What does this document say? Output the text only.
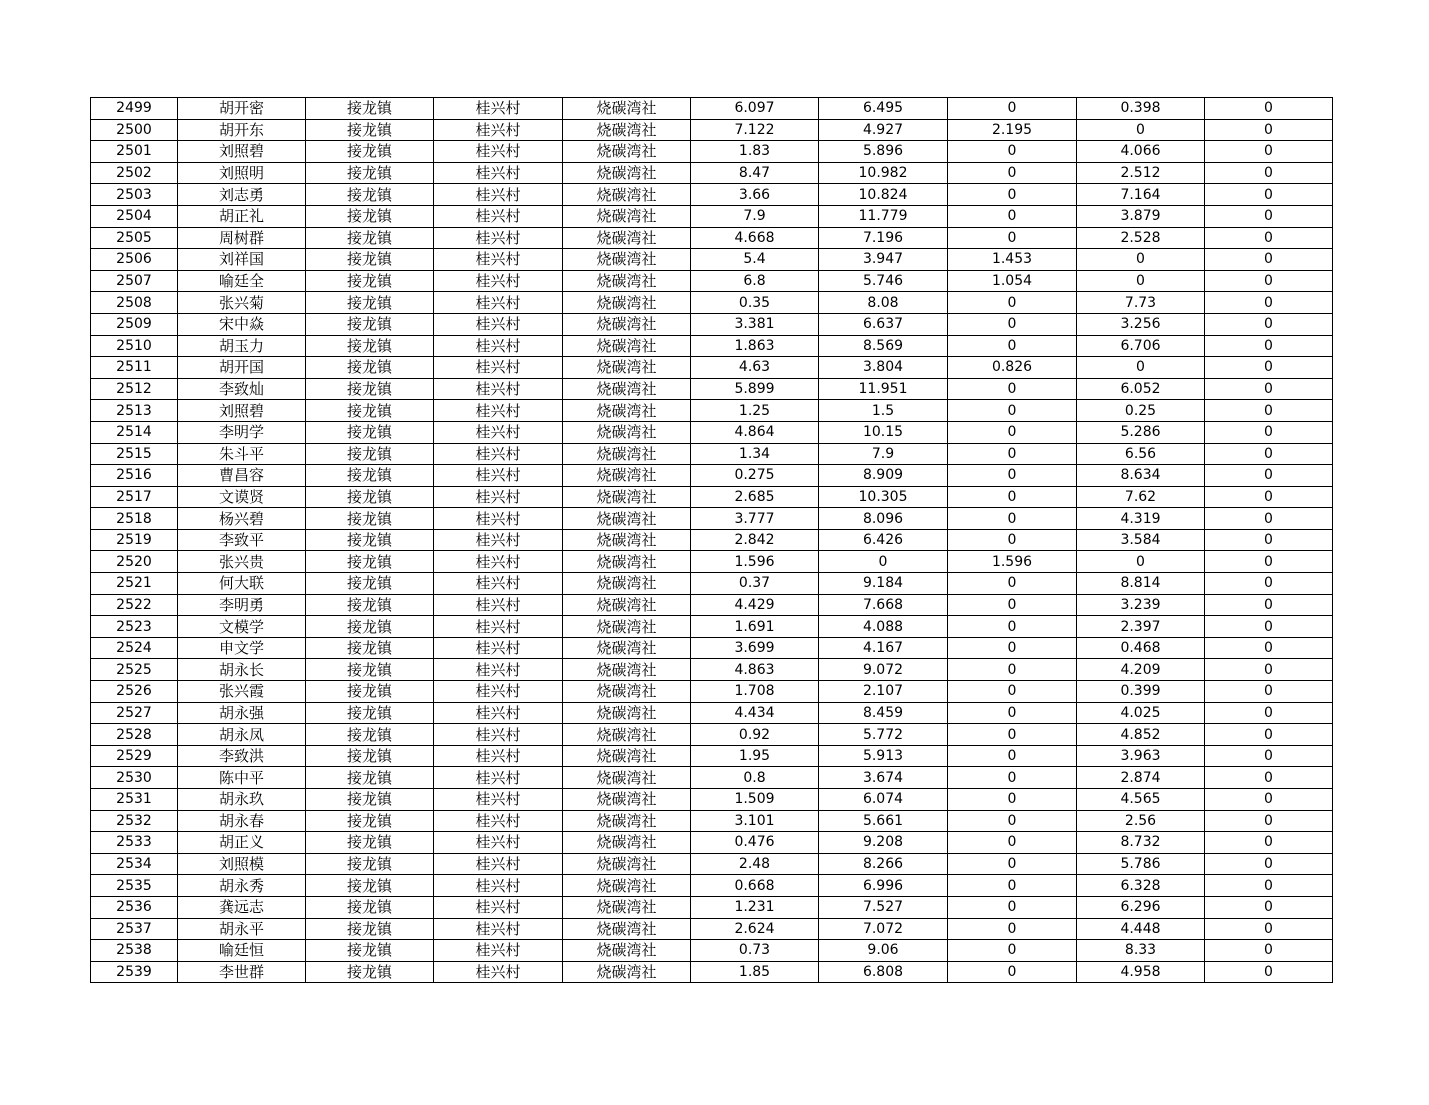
2499	胡开密	接龙镇	桂兴村	烧碳湾社	6.097	6.495	0	0.398	0
2500	胡开东	接龙镇	桂兴村	烧碳湾社	7.122	4.927	2.195	0	0
2501	刘照碧	接龙镇	桂兴村	烧碳湾社	1.83	5.896	0	4.066	0
2502	刘照明	接龙镇	桂兴村	烧碳湾社	8.47	10.982	0	2.512	0
2503	刘志勇	接龙镇	桂兴村	烧碳湾社	3.66	10.824	0	7.164	0
2504	胡正礼	接龙镇	桂兴村	烧碳湾社	7.9	11.779	0	3.879	0
2505	周树群	接龙镇	桂兴村	烧碳湾社	4.668	7.196	0	2.528	0
2506	刘祥国	接龙镇	桂兴村	烧碳湾社	5.4	3.947	1.453	0	0
2507	喻廷全	接龙镇	桂兴村	烧碳湾社	6.8	5.746	1.054	0	0
2508	张兴菊	接龙镇	桂兴村	烧碳湾社	0.35	8.08	0	7.73	0
2509	宋中焱	接龙镇	桂兴村	烧碳湾社	3.381	6.637	0	3.256	0
2510	胡玉力	接龙镇	桂兴村	烧碳湾社	1.863	8.569	0	6.706	0
2511	胡开国	接龙镇	桂兴村	烧碳湾社	4.63	3.804	0.826	0	0
2512	李致灿	接龙镇	桂兴村	烧碳湾社	5.899	11.951	0	6.052	0
2513	刘照碧	接龙镇	桂兴村	烧碳湾社	1.25	1.5	0	0.25	0
2514	李明学	接龙镇	桂兴村	烧碳湾社	4.864	10.15	0	5.286	0
2515	朱斗平	接龙镇	桂兴村	烧碳湾社	1.34	7.9	0	6.56	0
2516	曹昌容	接龙镇	桂兴村	烧碳湾社	0.275	8.909	0	8.634	0
2517	文谟贤	接龙镇	桂兴村	烧碳湾社	2.685	10.305	0	7.62	0
2518	杨兴碧	接龙镇	桂兴村	烧碳湾社	3.777	8.096	0	4.319	0
2519	李致平	接龙镇	桂兴村	烧碳湾社	2.842	6.426	0	3.584	0
2520	张兴贵	接龙镇	桂兴村	烧碳湾社	1.596	0	1.596	0	0
2521	何大联	接龙镇	桂兴村	烧碳湾社	0.37	9.184	0	8.814	0
2522	李明勇	接龙镇	桂兴村	烧碳湾社	4.429	7.668	0	3.239	0
2523	文模学	接龙镇	桂兴村	烧碳湾社	1.691	4.088	0	2.397	0
2524	申文学	接龙镇	桂兴村	烧碳湾社	3.699	4.167	0	0.468	0
2525	胡永长	接龙镇	桂兴村	烧碳湾社	4.863	9.072	0	4.209	0
2526	张兴霞	接龙镇	桂兴村	烧碳湾社	1.708	2.107	0	0.399	0
2527	胡永强	接龙镇	桂兴村	烧碳湾社	4.434	8.459	0	4.025	0
2528	胡永凤	接龙镇	桂兴村	烧碳湾社	0.92	5.772	0	4.852	0
2529	李致洪	接龙镇	桂兴村	烧碳湾社	1.95	5.913	0	3.963	0
2530	陈中平	接龙镇	桂兴村	烧碳湾社	0.8	3.674	0	2.874	0
2531	胡永玖	接龙镇	桂兴村	烧碳湾社	1.509	6.074	0	4.565	0
2532	胡永春	接龙镇	桂兴村	烧碳湾社	3.101	5.661	0	2.56	0
2533	胡正义	接龙镇	桂兴村	烧碳湾社	0.476	9.208	0	8.732	0
2534	刘照模	接龙镇	桂兴村	烧碳湾社	2.48	8.266	0	5.786	0
2535	胡永秀	接龙镇	桂兴村	烧碳湾社	0.668	6.996	0	6.328	0
2536	龚远志	接龙镇	桂兴村	烧碳湾社	1.231	7.527	0	6.296	0
2537	胡永平	接龙镇	桂兴村	烧碳湾社	2.624	7.072	0	4.448	0
2538	喻廷恒	接龙镇	桂兴村	烧碳湾社	0.73	9.06	0	8.33	0
2539	李世群	接龙镇	桂兴村	烧碳湾社	1.85	6.808	0	4.958	0
